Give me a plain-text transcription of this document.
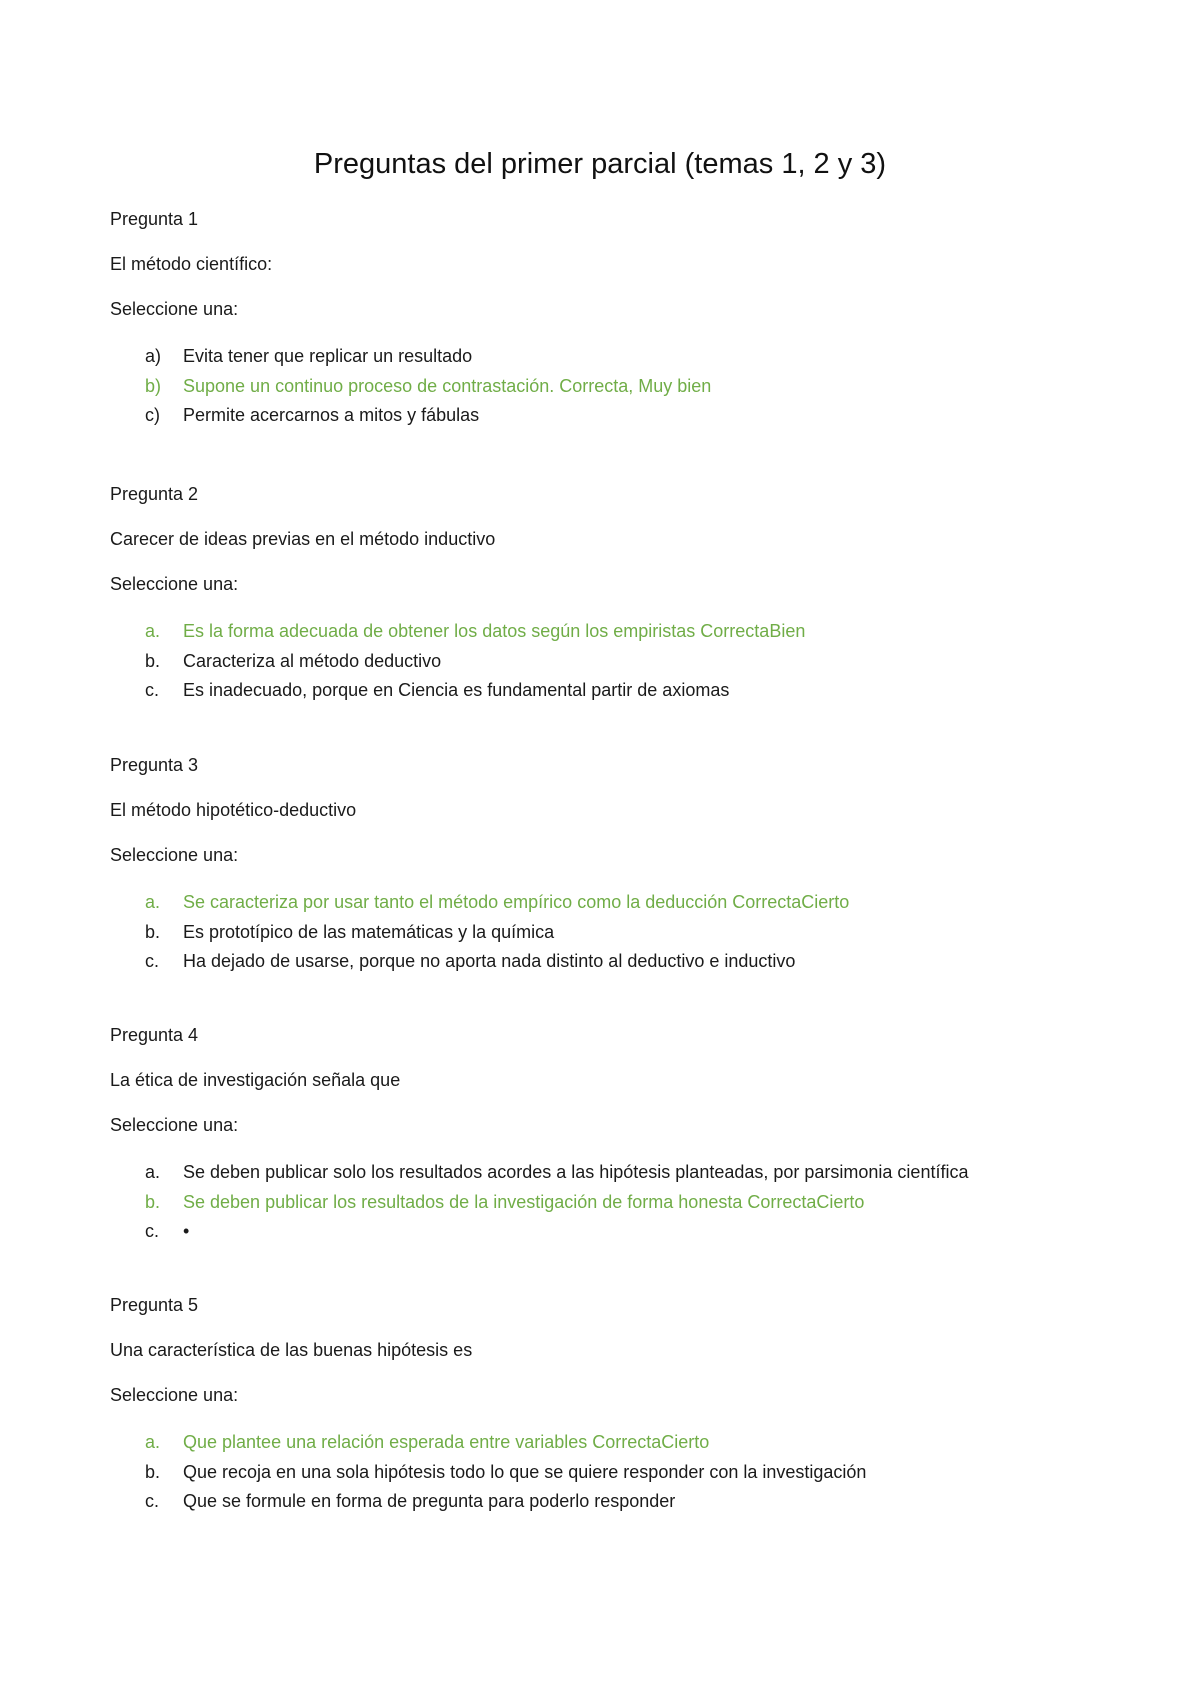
Preguntas del primer parcial (temas 1, 2 y 3)
Pregunta 1
El método científico:
Seleccione una:
a) Evita tener que replicar un resultado
b) Supone un continuo proceso de contrastación. Correcta, Muy bien
c) Permite acercarnos a mitos y fábulas
Pregunta 2
Carecer de ideas previas en el método inductivo
Seleccione una:
a. Es la forma adecuada de obtener los datos según los empiristas CorrectaBien
b. Caracteriza al método deductivo
c. Es inadecuado, porque en Ciencia es fundamental partir de axiomas
Pregunta 3
El método hipotético-deductivo
Seleccione una:
a. Se caracteriza por usar tanto el método empírico como la deducción CorrectaCierto
b. Es prototípico de las matemáticas y la química
c. Ha dejado de usarse, porque no aporta nada distinto al deductivo e inductivo
Pregunta 4
La ética de investigación señala que
Seleccione una:
a. Se deben publicar solo los resultados acordes a las hipótesis planteadas, por parsimonia científica
b. Se deben publicar los resultados de la investigación de forma honesta CorrectaCierto
c. •
Pregunta 5
Una característica de las buenas hipótesis es
Seleccione una:
a. Que plantee una relación esperada entre variables CorrectaCierto
b. Que recoja en una sola hipótesis todo lo que se quiere responder con la investigación
c. Que se formule en forma de pregunta para poderlo responder
